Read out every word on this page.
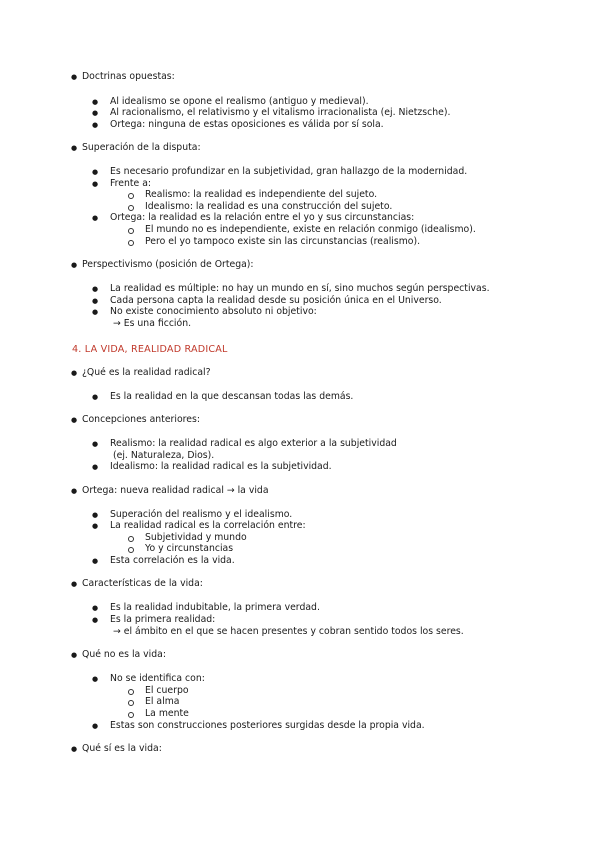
● Doctrinas opuestas:
● Al idealismo se opone el realismo (antiguo y medieval).
● Al racionalismo, el relativismo y el vitalismo irracionalista (ej. Nietzsche).
● Ortega: ninguna de estas oposiciones es válida por sí sola.
● Superación de la disputa:
● Es necesario profundizar en la subjetividad, gran hallazgo de la modernidad.
● Frente a:
Realismo: la realidad es independiente del sujeto.
Idealismo: la realidad es una construcción del sujeto.
● Ortega: la realidad es la relación entre el yo y sus circunstancias:
El mundo no es independiente, existe en relación conmigo (idealismo).
Pero el yo tampoco existe sin las circunstancias (realismo).
● Perspectivismo (posición de Ortega):
● La realidad es múltiple: no hay un mundo en sí, sino muchos según perspectivas.
● Cada persona capta la realidad desde su posición única en el Universo.
● No existe conocimiento absoluto ni objetivo:
→ Es una ficción.
4. LA VIDA, REALIDAD RADICAL
● ¿Qué es la realidad radical?
● Es la realidad en la que descansan todas las demás.
● Concepciones anteriores:
● Realismo: la realidad radical es algo exterior a la subjetividad
(ej. Naturaleza, Dios).
● Idealismo: la realidad radical es la subjetividad.
● Ortega: nueva realidad radical → la vida
● Superación del realismo y el idealismo.
● La realidad radical es la correlación entre:
Subjetividad y mundo
Yo y circunstancias
● Esta correlación es la vida.
● Características de la vida:
● Es la realidad indubitable, la primera verdad.
● Es la primera realidad:
→ el ámbito en el que se hacen presentes y cobran sentido todos los seres.
● Qué no es la vida:
● No se identifica con:
El cuerpo
El alma
La mente
● Estas son construcciones posteriores surgidas desde la propia vida.
● Qué sí es la vida:
